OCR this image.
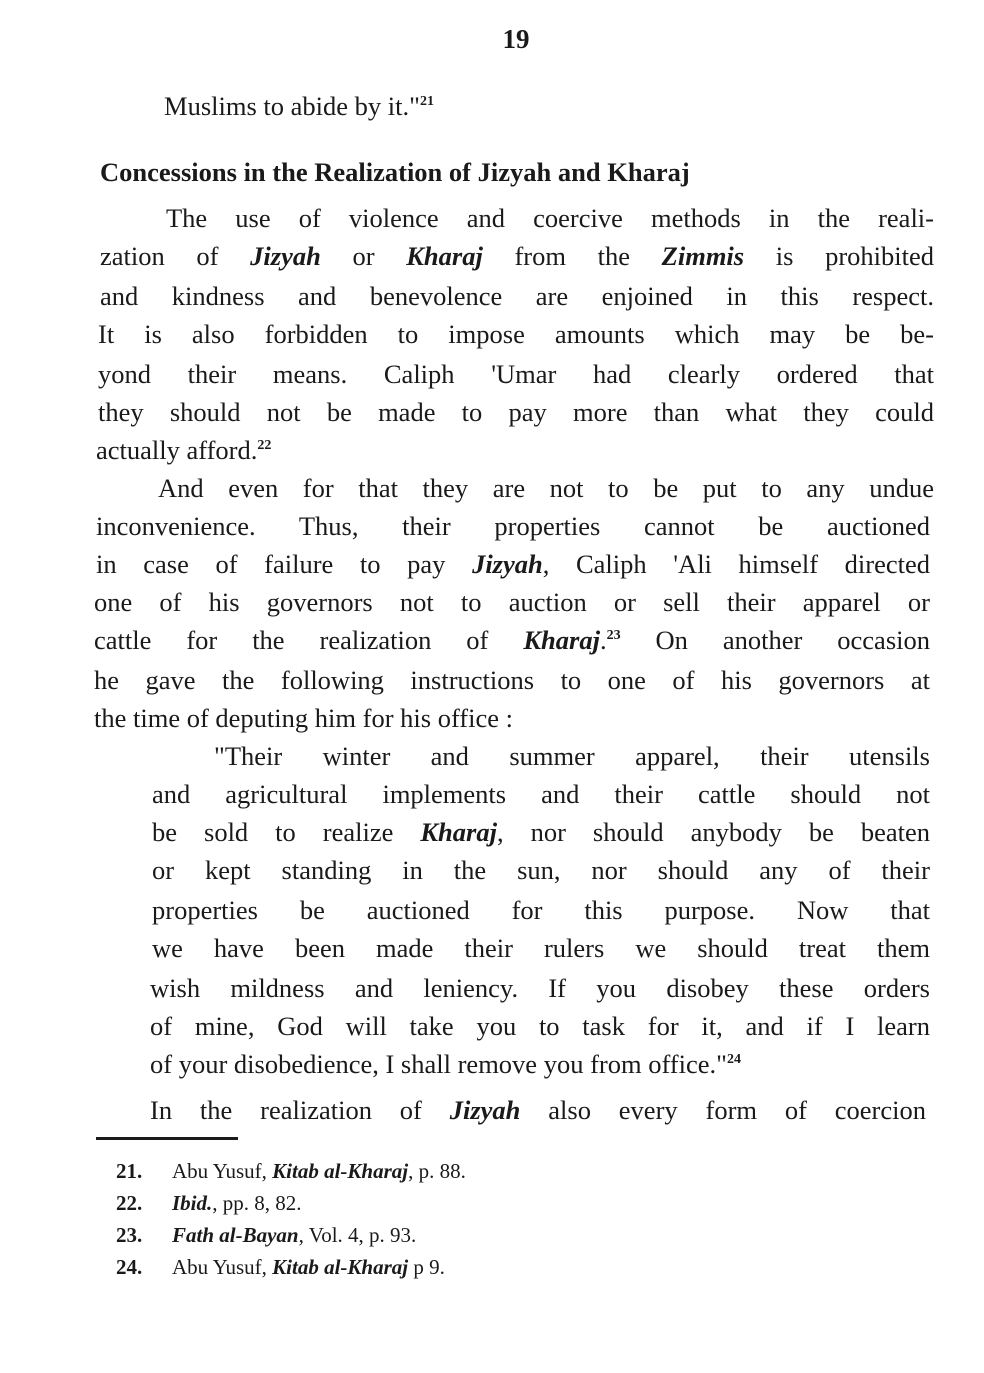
19
Muslims to abide by it."$^{21}$
Concessions in the Realization of Jizyah and Kharaj
The use of violence and coercive methods in the reali-
zation of Jizyah or Kharaj from the Zimmis is prohibited
and kindness and benevolence are enjoined in this respect.
It is also forbidden to impose amounts which may be be-
yond their means. Caliph 'Umar had clearly ordered that
they should not be made to pay more than what they could
actually afford.$^{22}$
And even for that they are not to be put to any undue
inconvenience. Thus, their properties cannot be auctioned
in case of failure to pay Jizyah, Caliph 'Ali himself directed
one of his governors not to auction or sell their apparel or
cattle for the realization of Kharaj.$^{23}$ On another occasion
he gave the following instructions to one of his governors at
the time of deputing him for his office :
"Their winter and summer apparel, their utensils
and agricultural implements and their cattle should not
be sold to realize Kharaj, nor should anybody be beaten
or kept standing in the sun, nor should any of their
properties be auctioned for this purpose. Now that
we have been made their rulers we should treat them
wish mildness and leniency. If you disobey these orders
of mine, God will take you to task for it, and if I learn
of your disobedience, I shall remove you from office."$^{24}$
In the realization of Jizyah also every form of coercion
21. Abu Yusuf, Kitab al-Kharaj, p. 88.
22. Ibid., pp. 8, 82.
23. Fath al-Bayan, Vol. 4, p. 93.
24. Abu Yusuf, Kitab al-Kharaj p 9.
